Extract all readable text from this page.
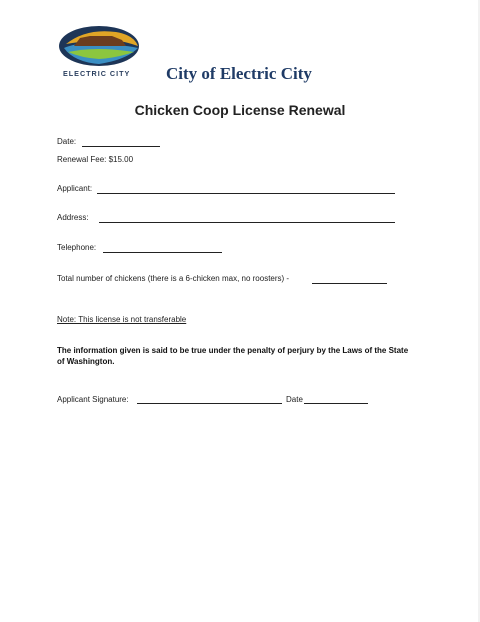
ELECTRIC CITY City of Electric City
Chicken Coop License Renewal
Date:
Renewal Fee: $15.00
Applicant:
Address:
Telephone:
Total number of chickens (there is a 6-chicken max, no roosters) -
Note: This license is not transferable
The information given is said to be true under the penalty of perjury by the Laws of the State of Washington.
Applicant Signature:	Date
